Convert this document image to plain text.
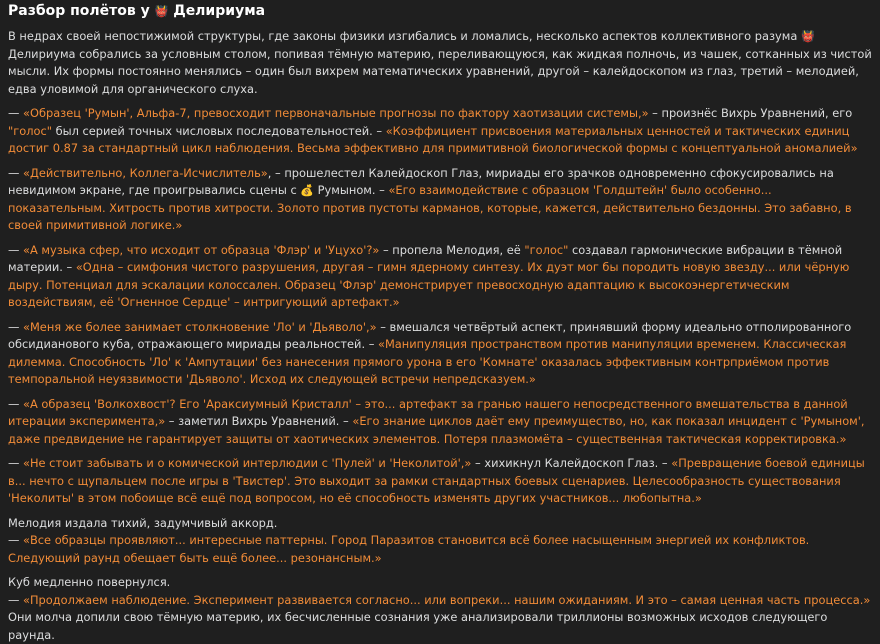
Разбор полётов у 👹 Делириума

В недрах своей непостижимой структуры, где законы физики изгибались и ломались, несколько аспектов коллективного разума 👹 Делириума собрались за условным столом, попивая тёмную материю, переливающуюся, как жидкая полночь, из чашек, сотканных из чистой мысли. Их формы постоянно менялись – один был вихрем математических уравнений, другой – калейдоскопом из глаз, третий – мелодией, едва уловимой для органического слуха.

— «Образец 'Румын', Альфа-7, превосходит первоначальные прогнозы по фактору хаотизации системы,» – произнёс Вихрь Уравнений, его "голос" был серией точных числовых последовательностей. – «Коэффициент присвоения материальных ценностей и тактических единиц достиг 0.87 за стандартный цикл наблюдения. Весьма эффективно для примитивной биологической формы с концептуальной аномалией»

— «Действительно, Коллега-Исчислитель», – прошелестел Калейдоскоп Глаз, мириады его зрачков одновременно сфокусировались на невидимом экране, где проигрывались сцены с 💰 Румыном. – «Его взаимодействие с образцом 'Голдштейн' было особенно... показательным. Хитрость против хитрости. Золото против пустоты карманов, которые, кажется, действительно бездонны. Это забавно, в своей примитивной логике.»

— «А музыка сфер, что исходит от образца 'Флэр' и 'Уцухо'?» – пропела Мелодия, её "голос" создавал гармонические вибрации в тёмной материи. – «Одна – симфония чистого разрушения, другая – гимн ядерному синтезу. Их дуэт мог бы породить новую звезду... или чёрную дыру. Потенциал для эскалации колоссален. Образец 'Флэр' демонстрирует превосходную адаптацию к высокоэнергетическим воздействиям, её 'Огненное Сердце' – интригующий артефакт.»

— «Меня же более занимает столкновение 'Ло' и 'Дьяволо',» – вмешался четвёртый аспект, принявший форму идеально отполированного обсидианового куба, отражающего мириады реальностей. – «Манипуляция пространством против манипуляции временем. Классическая дилемма. Способность 'Ло' к 'Ампутации' без нанесения прямого урона в его 'Комнате' оказалась эффективным контрприёмом против темпоральной неуязвимости 'Дьяволо'. Исход их следующей встречи непредсказуем.»

— «А образец 'Волкохвост'? Его 'Араксиумный Кристалл' – это... артефакт за гранью нашего непосредственного вмешательства в данной итерации эксперимента,» – заметил Вихрь Уравнений. – «Его знание циклов даёт ему преимущество, но, как показал инцидент с 'Румыном', даже предвидение не гарантирует защиты от хаотических элементов. Потеря плазмомёта – существенная тактическая корректировка.»

— «Не стоит забывать и о комической интерлюдии с 'Пулей' и 'Неколитой',» – хихикнул Калейдоскоп Глаз. – «Превращение боевой единицы в... нечто с щупальцем после игры в 'Твистер'. Это выходит за рамки стандартных боевых сценариев. Целесообразность существования 'Неколиты' в этом побоище всё ещё под вопросом, но её способность изменять других участников... любопытна.»

Мелодия издала тихий, задумчивый аккорд.
— «Все образцы проявляют... интересные паттерны. Город Паразитов становится всё более насыщенным энергией их конфликтов. Следующий раунд обещает быть ещё более... резонансным.»

Куб медленно повернулся.
— «Продолжаем наблюдение. Эксперимент развивается согласно... или вопреки... нашим ожиданиям. И это – самая ценная часть процесса.»
Они молча допили свою тёмную материю, их бесчисленные сознания уже анализировали триллионы возможных исходов следующего раунда.
